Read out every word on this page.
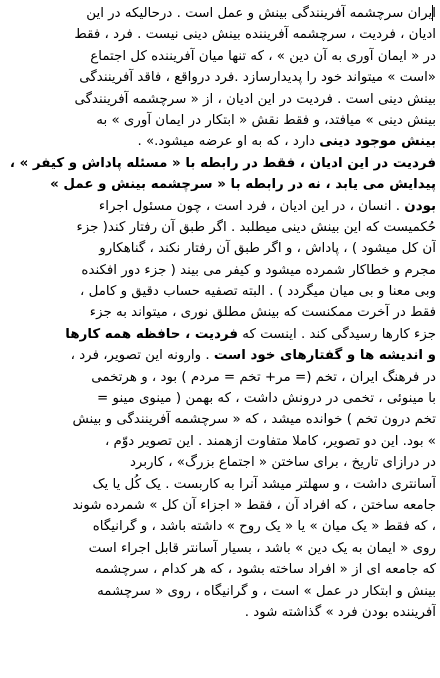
ایران سرچشمه آفرینندگی بینش و عمل است . درحالیکه در این
ادیان ، فردیت ، سرچشمه آفریننده بینش دینی نیست . فرد ، فقط
در « ایمان آوری به آن دین » ، که تنها میان آفریننده کل اجتماع
«است » میتواند خود را پدیدارسازد .فرد درواقع ، فاقد آفرینندگی
بینش دینی است . فردیت در این ادیان ، از « سرچشمه آفرینندگی
بینش دینی » میافتد، و فقط نقش « ابتکار در ایمان آوری » به
بینش موجود دینی دارد ، که به او عرضه میشود.» .
فردیت در این ادیان ، فقط در رابطه با « مسئله پاداش و کیفر » ،
پیدایش می یابد ، نه در رابطه با « سرچشمه بینش و عمل »
بودن . انسان ، در این ادیان ، فرد است ، چون مسئول اجراء
حُکمیست که این بینش دینی میطلبد . اگر طبق آن رفتار کند( جزء
آن کل میشود ) ، پاداش ، و اگر طبق آن رفتار نکند ، گناهکارو
مجرم و خطاکار شمرده میشود و کیفر می بیند ( جزء دور افکنده
وبی معنا و بی میان میگردد ) . البته تصفیه حساب دقیق و کامل ،
فقط در آخرت ممکنست که بینش مطلق نوری ، میتواند به جزء
جزء کارها رسیدگی کند . اینست که فردیت ، حافظه همه کارها
و اندیشه ها و گفتارهای خود است . وارونه این تصویر، فرد ،
در فرهنگ ایران ، تخم (= مر+ تخم = مردم ) بود ، و هرتخمی
با مینوئی ، تخمی در درونش داشت ، که بهمن ( مینوی مینو =
تخم درون تخم ) خوانده میشد ، که « سرچشمه آفرینندگی و بینش
» بود. این دو تصویر، کاملا متفاوت ازهمند . این تصویر دوّم ،
در درازای تاریخ ، برای ساختن « اجتماع بزرگ» ، کاربرد
آسانتری داشت ، و سهلتر میشد آنرا به کاربست . یک کُل یا یک
جامعه ساختن ، که افراد آن ، فقط « اجزاء آن کل » شمرده شوند
، که فقط « یک میان » یا « یک روح » داشته باشد ، و گرانیگاه
روی « ایمان به یک دین » باشد ، بسیار آسانتر قابل اجراء است
که جامعه ای از « افراد ساخته بشود ، که هر کدام ، سرچشمه
بینش و ابتکار در عمل » است ، و گرانیگاه ، روی « سرچشمه
آفریننده بودن فرد » گذاشته شود .
